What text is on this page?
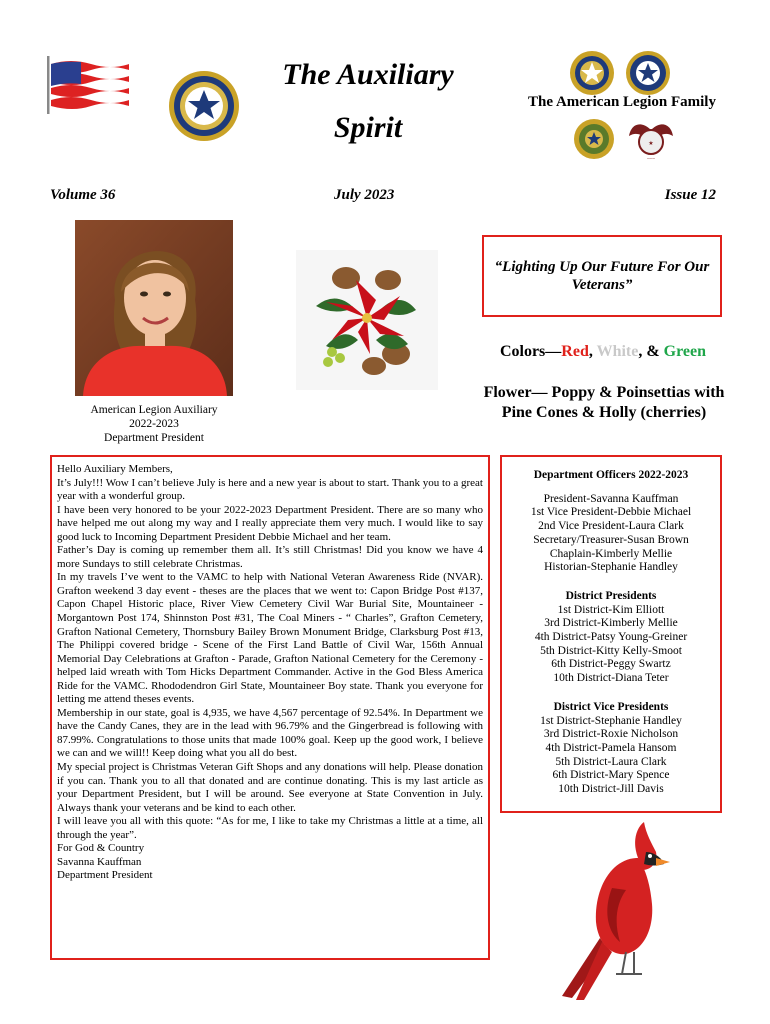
The Auxiliary
Spirit
The American Legion Family
★
~~~
Volume 36	July 2023	Issue 12
American Legion Auxiliary
2022-2023
Department President
“Lighting Up Our Future For Our Veterans”
Colors—Red, White, & Green
Flower— Poppy & Poinsettias with Pine Cones & Holly (cherries)

Hello Auxiliary Members,

It’s July!!! Wow I can’t believe July is here and a new year is about to start. Thank you to a great year with a wonderful group.

I have been very honored to be your 2022-2023 Department President. There are so many who have helped me out along my way and I really appreciate them very much. I would like to say good luck to Incoming Department President Debbie Michael and her team.

Father’s Day is coming up remember them all. It’s still Christmas! Did you know we have 4 more Sundays to still celebrate Christmas.

In my travels I’ve went to the VAMC to help with National Veteran Awareness Ride (NVAR). Grafton weekend 3 day event - theses are the places that we went to: Capon Bridge Post #137, Capon Chapel Historic place, River View Cemetery Civil War Burial Site, Mountaineer - Morgantown Post 174, Shinnston Post #31, The Coal Miners - “ Charles”, Grafton Cemetery, Grafton National Cemetery, Thornsbury Bailey Brown Monument Bridge, Clarksburg Post #13, The Philippi covered bridge - Scene of the First Land Battle of Civil War, 156th Annual Memorial Day Celebrations at Grafton - Parade, Grafton National Cemetery for the Ceremony - helped laid wreath with Tom Hicks Department Commander. Active in the God Bless America Ride for the VAMC. Rhododendron Girl State, Mountaineer Boy state. Thank you everyone for letting me attend theses events.

Membership in our state, goal is 4,935, we have 4,567 percentage of 92.54%. In Department we have the Candy Canes, they are in the lead with 96.79% and the Gingerbread is following with 87.99%. Congratulations to those units that made 100% goal. Keep up the good work, I believe we can and we will!! Keep doing what you all do best.

My special project is Christmas Veteran Gift Shops and any donations will help. Please donation if you can. Thank you to all that donated and are continue donating. This is my last article as your Department President, but I will be around. See everyone at State Convention in July. Always thank your veterans and be kind to each other.

I will leave you all with this quote: “As for me, I like to take my Christmas a little at a time, all through the year”.

For God & Country

Savanna Kauffman

Department President

Department Officers 2022-2023
President-Savanna Kauffman
1st Vice President-Debbie Michael
2nd Vice President-Laura Clark
Secretary/Treasurer-Susan Brown
Chaplain-Kimberly Mellie
Historian-Stephanie Handley
District Presidents
1st District-Kim Elliott
3rd District-Kimberly Mellie
4th District-Patsy Young-Greiner
5th District-Kitty Kelly-Smoot
6th District-Peggy Swartz
10th District-Diana Teter
District Vice Presidents
1st District-Stephanie Handley
3rd District-Roxie Nicholson
4th District-Pamela Hansom
5th District-Laura Clark
6th District-Mary Spence
10th District-Jill Davis
